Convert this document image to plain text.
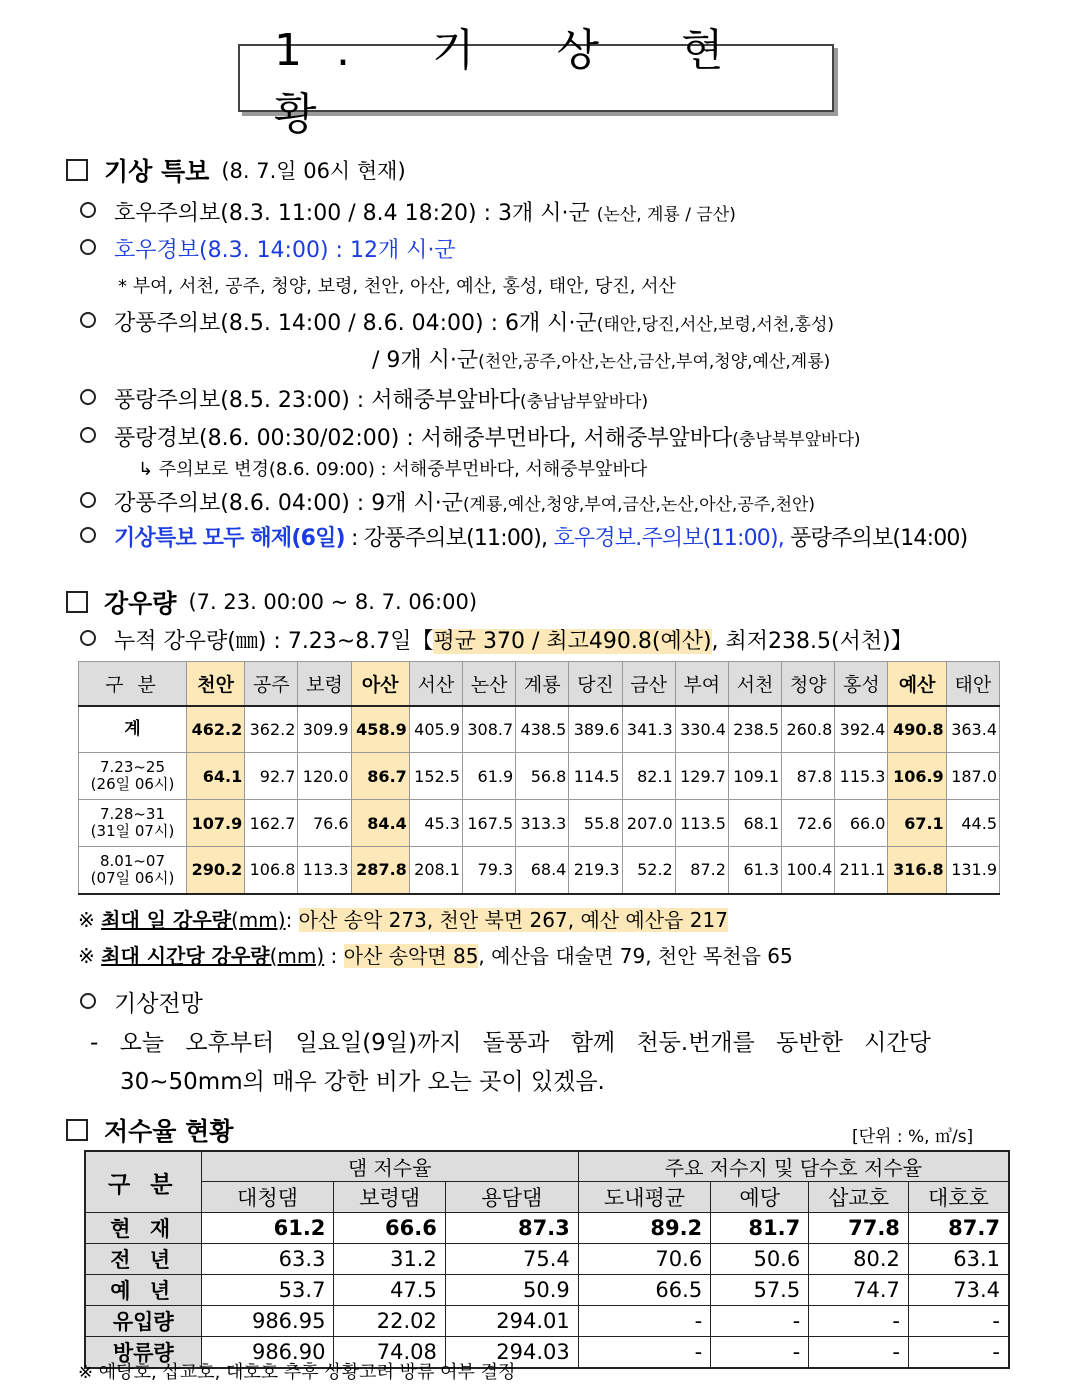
1. 기 상 현 황
기상 특보 (8. 7.일 06시 현재)
호우주의보(8.3. 11:00 / 8.4 18:20) : 3개 시·군 (논산, 계룡 / 금산)
호우경보(8.3. 14:00) : 12개 시·군
* 부여, 서천, 공주, 청양, 보령, 천안, 아산, 예산, 홍성, 태안, 당진, 서산
강풍주의보(8.5. 14:00 / 8.6. 04:00) : 6개 시·군(태안,당진,서산,보령,서천,홍성)
/ 9개 시·군(천안,공주,아산,논산,금산,부여,청양,예산,계룡)
풍랑주의보(8.5. 23:00) : 서해중부앞바다(충남남부앞바다)
풍랑경보(8.6. 00:30/02:00) : 서해중부먼바다, 서해중부앞바다(충남북부앞바다)
↳ 주의보로 변경(8.6. 09:00) : 서해중부먼바다, 서해중부앞바다
강풍주의보(8.6. 04:00) : 9개 시·군(계룡,예산,청양,부여,금산,논산,아산,공주,천안)
기상특보 모두 해제(6일) : 강풍주의보(11:00), 호우경보.주의보(11:00), 풍랑주의보(14:00)
강우량 (7. 23. 00:00 ~ 8. 7. 06:00)
누적 강우량(㎜) : 7.23~8.7일【평균 370 / 최고490.8(예산), 최저238.5(서천)】
구 분	천안	공주	보령	아산	서산	논산	계룡	당진	금산	부여	서천	청양	홍성	예산	태안

계	462.2	362.2	309.9	458.9	405.9	308.7	438.5	389.6	341.3	330.4	238.5	260.8	392.4	490.8	363.4

7.23~25
(26일 06시)	64.1	92.7	120.0	86.7	152.5	61.9	56.8	114.5	82.1	129.7	109.1	87.8	115.3	106.9	187.0

7.28~31
(31일 07시)	107.9	162.7	76.6	84.4	45.3	167.5	313.3	55.8	207.0	113.5	68.1	72.6	66.0	67.1	44.5

8.01~07
(07일 06시)	290.2	106.8	113.3	287.8	208.1	79.3	68.4	219.3	52.2	87.2	61.3	100.4	211.1	316.8	131.9
※ 최대 일 강우량(mm): 아산 송악 273, 천안 북면 267, 예산 예산읍 217
※ 최대 시간당 강우량(mm) : 아산 송악면 85, 예산읍 대술면 79, 천안 목천읍 65
기상전망
- 오늘 오후부터 일요일(9일)까지 돌풍과 함께 천둥.번개를 동반한 시간당
30~50mm의 매우 강한 비가 오는 곳이 있겠음.
저수율 현황	[단위 : %, ㎥/s]
구 분	댐 저수율			주요 저수지 및 담수호 저수율			
	대청댐	보령댐	용담댐	도내평균	예당	삽교호	대호호
현 재	61.2	66.6	87.3	89.2	81.7	77.8	87.7
전 년	63.3	31.2	75.4	70.6	50.6	80.2	63.1
예 년	53.7	47.5	50.9	66.5	57.5	74.7	73.4
유입량	986.95	22.02	294.01	-	-	-	-
방류량	986.90	74.08	294.03	-	-	-	-
※ 예당호, 삽교호, 대호호 추후 상황고려 방류 여부 결정
